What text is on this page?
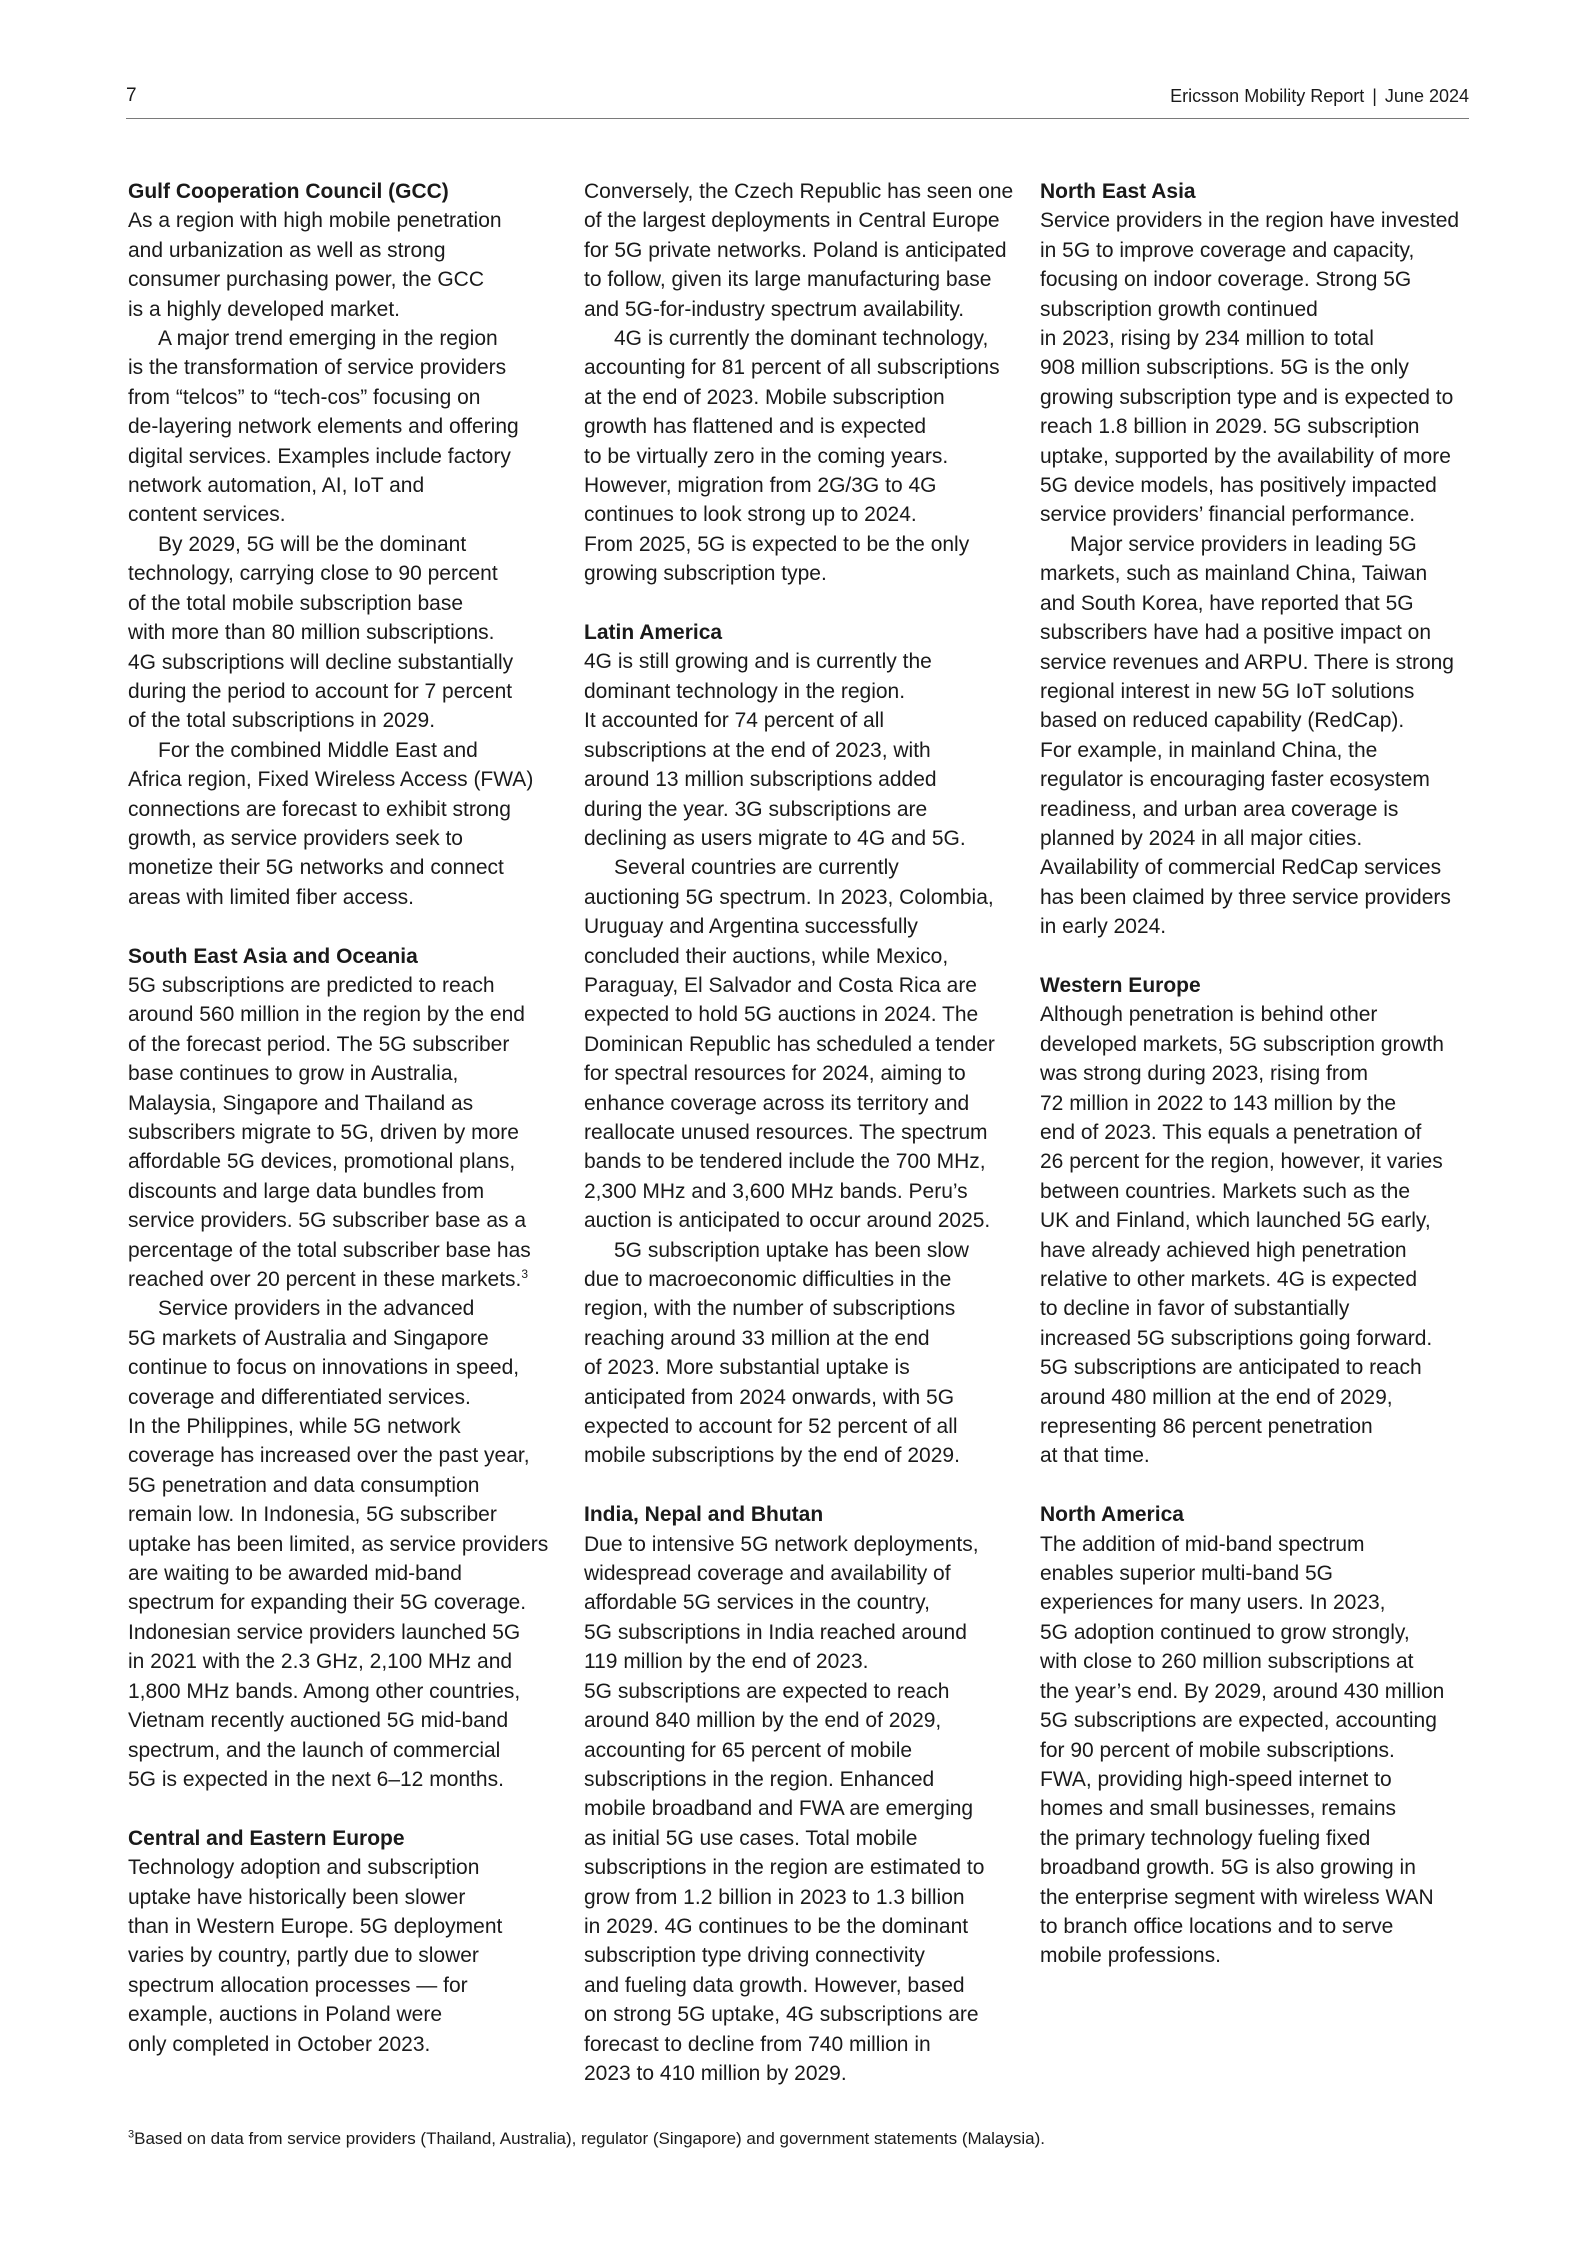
7	Ericsson Mobility Report | June 2024
Gulf Cooperation Council (GCC)
As a region with high mobile penetration
and urbanization as well as strong
consumer purchasing power, the GCC
is a highly developed market.
A major trend emerging in the region
is the transformation of service providers
from “telcos” to “tech-cos” focusing on
de-layering network elements and offering
digital services. Examples include factory
network automation, AI, IoT and
content services.
By 2029, 5G will be the dominant
technology, carrying close to 90 percent
of the total mobile subscription base
with more than 80 million subscriptions.
4G subscriptions will decline substantially
during the period to account for 7 percent
of the total subscriptions in 2029.
For the combined Middle East and
Africa region, Fixed Wireless Access (FWA)
connections are forecast to exhibit strong
growth, as service providers seek to
monetize their 5G networks and connect
areas with limited fiber access.
South East Asia and Oceania
5G subscriptions are predicted to reach
around 560 million in the region by the end
of the forecast period. The 5G subscriber
base continues to grow in Australia,
Malaysia, Singapore and Thailand as
subscribers migrate to 5G, driven by more
affordable 5G devices, promotional plans,
discounts and large data bundles from
service providers. 5G subscriber base as a
percentage of the total subscriber base has
reached over 20 percent in these markets.$^3$
Service providers in the advanced
5G markets of Australia and Singapore
continue to focus on innovations in speed,
coverage and differentiated services.
In the Philippines, while 5G network
coverage has increased over the past year,
5G penetration and data consumption
remain low. In Indonesia, 5G subscriber
uptake has been limited, as service providers
are waiting to be awarded mid-band
spectrum for expanding their 5G coverage.
Indonesian service providers launched 5G
in 2021 with the 2.3 GHz, 2,100 MHz and
1,800 MHz bands. Among other countries,
Vietnam recently auctioned 5G mid-band
spectrum, and the launch of commercial
5G is expected in the next 6–12 months.
Central and Eastern Europe
Technology adoption and subscription
uptake have historically been slower
than in Western Europe. 5G deployment
varies by country, partly due to slower
spectrum allocation processes — for
example, auctions in Poland were
only completed in October 2023.
Conversely, the Czech Republic has seen one
of the largest deployments in Central Europe
for 5G private networks. Poland is anticipated
to follow, given its large manufacturing base
and 5G-for-industry spectrum availability.
4G is currently the dominant technology,
accounting for 81 percent of all subscriptions
at the end of 2023. Mobile subscription
growth has flattened and is expected
to be virtually zero in the coming years.
However, migration from 2G/3G to 4G
continues to look strong up to 2024.
From 2025, 5G is expected to be the only
growing subscription type.
Latin America
4G is still growing and is currently the
dominant technology in the region.
It accounted for 74 percent of all
subscriptions at the end of 2023, with
around 13 million subscriptions added
during the year. 3G subscriptions are
declining as users migrate to 4G and 5G.
Several countries are currently
auctioning 5G spectrum. In 2023, Colombia,
Uruguay and Argentina successfully
concluded their auctions, while Mexico,
Paraguay, El Salvador and Costa Rica are
expected to hold 5G auctions in 2024. The
Dominican Republic has scheduled a tender
for spectral resources for 2024, aiming to
enhance coverage across its territory and
reallocate unused resources. The spectrum
bands to be tendered include the 700 MHz,
2,300 MHz and 3,600 MHz bands. Peru’s
auction is anticipated to occur around 2025.
5G subscription uptake has been slow
due to macroeconomic difficulties in the
region, with the number of subscriptions
reaching around 33 million at the end
of 2023. More substantial uptake is
anticipated from 2024 onwards, with 5G
expected to account for 52 percent of all
mobile subscriptions by the end of 2029.
India, Nepal and Bhutan
Due to intensive 5G network deployments,
widespread coverage and availability of
affordable 5G services in the country,
5G subscriptions in India reached around
119 million by the end of 2023.
5G subscriptions are expected to reach
around 840 million by the end of 2029,
accounting for 65 percent of mobile
subscriptions in the region. Enhanced
mobile broadband and FWA are emerging
as initial 5G use cases. Total mobile
subscriptions in the region are estimated to
grow from 1.2 billion in 2023 to 1.3 billion
in 2029. 4G continues to be the dominant
subscription type driving connectivity
and fueling data growth. However, based
on strong 5G uptake, 4G subscriptions are
forecast to decline from 740 million in
2023 to 410 million by 2029.
North East Asia
Service providers in the region have invested
in 5G to improve coverage and capacity,
focusing on indoor coverage. Strong 5G
subscription growth continued
in 2023, rising by 234 million to total
908 million subscriptions. 5G is the only
growing subscription type and is expected to
reach 1.8 billion in 2029. 5G subscription
uptake, supported by the availability of more
5G device models, has positively impacted
service providers’ financial performance.
Major service providers in leading 5G
markets, such as mainland China, Taiwan
and South Korea, have reported that 5G
subscribers have had a positive impact on
service revenues and ARPU. There is strong
regional interest in new 5G IoT solutions
based on reduced capability (RedCap).
For example, in mainland China, the
regulator is encouraging faster ecosystem
readiness, and urban area coverage is
planned by 2024 in all major cities.
Availability of commercial RedCap services
has been claimed by three service providers
in early 2024.
Western Europe
Although penetration is behind other
developed markets, 5G subscription growth
was strong during 2023, rising from
72 million in 2022 to 143 million by the
end of 2023. This equals a penetration of
26 percent for the region, however, it varies
between countries. Markets such as the
UK and Finland, which launched 5G early,
have already achieved high penetration
relative to other markets. 4G is expected
to decline in favor of substantially
increased 5G subscriptions going forward.
5G subscriptions are anticipated to reach
around 480 million at the end of 2029,
representing 86 percent penetration
at that time.
North America
The addition of mid-band spectrum
enables superior multi-band 5G
experiences for many users. In 2023,
5G adoption continued to grow strongly,
with close to 260 million subscriptions at
the year’s end. By 2029, around 430 million
5G subscriptions are expected, accounting
for 90 percent of mobile subscriptions.
FWA, providing high-speed internet to
homes and small businesses, remains
the primary technology fueling fixed
broadband growth. 5G is also growing in
the enterprise segment with wireless WAN
to branch office locations and to serve
mobile professions.
$^3$Based on data from service providers (Thailand, Australia), regulator (Singapore) and government statements (Malaysia).
